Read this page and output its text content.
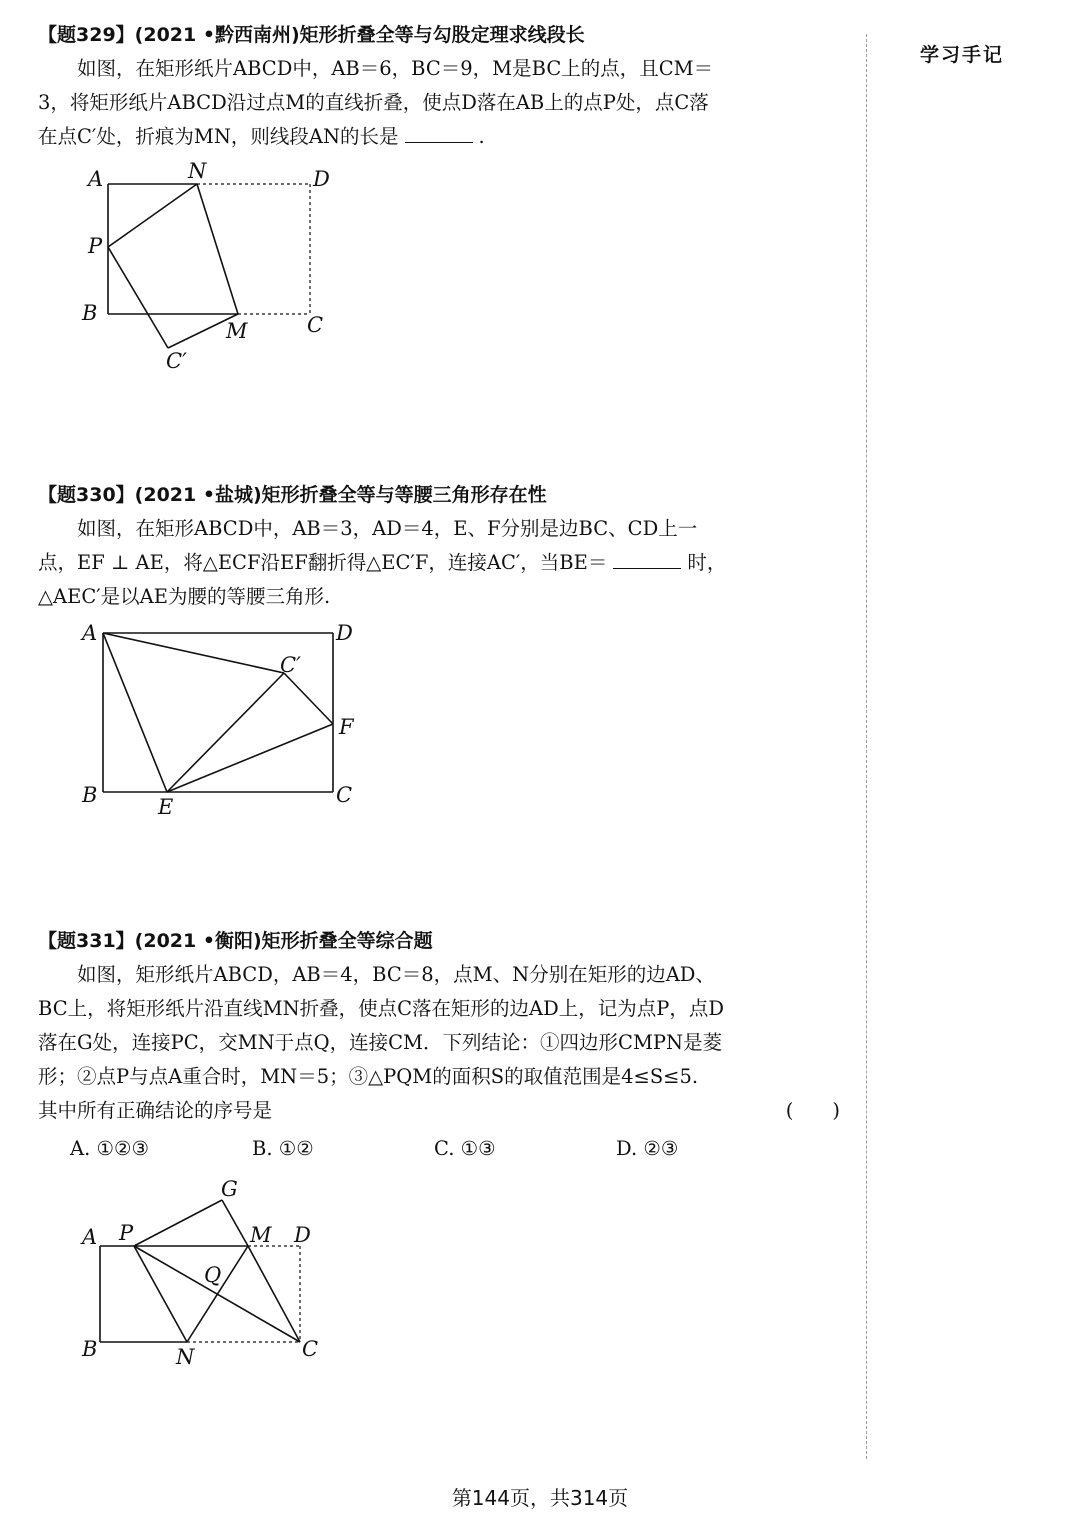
学习手记
【题329】(2021 •黔西南州)矩形折叠全等与勾股定理求线段长
如图，在矩形纸片ABCD中，AB＝6，BC＝9，M是BC上的点，且CM＝
3，将矩形纸片ABCD沿过点M的直线折叠，使点D落在AB上的点P处，点C落
在点C′处，折痕为MN，则线段AN的长是	.
A	N	D
P
B
M	C
C′
【题330】(2021 •盐城)矩形折叠全等与等腰三角形存在性
如图，在矩形ABCD中，AB＝3，AD＝4，E、F分别是边BC、CD上一
点，EF ⊥ AE，将△ECF沿EF翻折得△EC′F，连接AC′，当BE＝	时，
△AEC′是以AE为腰的等腰三角形.
A	D
C′
F
B	E	C
【题331】(2021 •衡阳)矩形折叠全等综合题
如图，矩形纸片ABCD，AB＝4，BC＝8，点M、N分别在矩形的边AD、
BC上，将矩形纸片沿直线MN折叠，使点C落在矩形的边AD上，记为点P，点D
落在G处，连接PC，交MN于点Q，连接CM．下列结论：①四边形CMPN是菱
形；②点P与点A重合时，MN＝5；③△PQM的面积S的取值范围是4≤S≤5.
其中所有正确结论的序号是	(　　)
A. ①②③	B. ①②	C. ①③	D. ②③
G
A P	M D
Q
B	N	C
第144页，共314页
